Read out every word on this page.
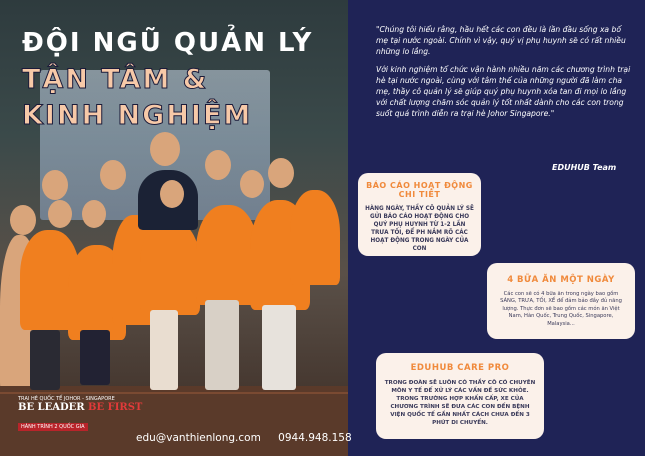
ĐỘI NGŨ QUẢN LÝ
TẬN TÂM &
KINH NGHIỆM
TRẠI HÈ QUỐC TẾ JOHOR - SINGAPORE
BE LEADER BE FIRST
HÀNH TRÌNH 2 QUỐC GIA
edu@vanthienlong.com 0944.948.158

"Chúng tôi hiểu rằng, hầu hết các con đều là lần đầu sống xa bố mẹ tại nước ngoài. Chính vì vậy, quý vị phụ huynh sẽ có rất nhiều những lo lắng.

Với kinh nghiệm tổ chức vận hành nhiều năm các chương trình trại hè tại nước ngoài, cùng với tâm thế của những người đã làm cha mẹ, thầy cô quản lý sẽ giúp quý phụ huynh xóa tan đi mọi lo lắng với chất lượng chăm sóc quản lý tốt nhất dành cho các con trong suốt quá trình diễn ra trại hè Johor Singapore."

EDUHUB Team
BÁO CÁO HOẠT ĐỘNG CHI TIẾT
HÀNG NGÀY, THẦY CÔ QUẢN LÝ SẼ GỬI BÁO CÁO HOẠT ĐỘNG CHO QUÝ PHỤ HUYNH TỪ 1-2 LẦN TRƯA TỐI, ĐỂ PH NẮM RÕ CÁC HOẠT ĐỘNG TRONG NGÀY CỦA CON
4 BỮA ĂN MỘT NGÀY
Các con sẽ có 4 bữa ăn trong ngày bao gồm SÁNG, TRƯA, TỐI, XẾ để đảm bảo đầy đủ năng lượng. Thực đơn sẽ bao gồm các món ăn Việt Nam, Hàn Quốc, Trung Quốc, Singapore, Malaysia...
EDUHUB CARE PRO
TRONG ĐOÀN SẼ LUÔN CÓ THẦY CÔ CÓ CHUYÊN MÔN Y TẾ ĐỂ XỬ LÝ CÁC VẤN ĐỀ SỨC KHỎE. TRONG TRƯỜNG HỢP KHẨN CẤP, XE CỦA CHƯƠNG TRÌNH SẼ ĐƯA CÁC CON ĐẾN BỆNH VIỆN QUỐC TẾ GẦN NHẤT CÁCH CHƯA ĐẾN 3 PHÚT DI CHUYỂN.
